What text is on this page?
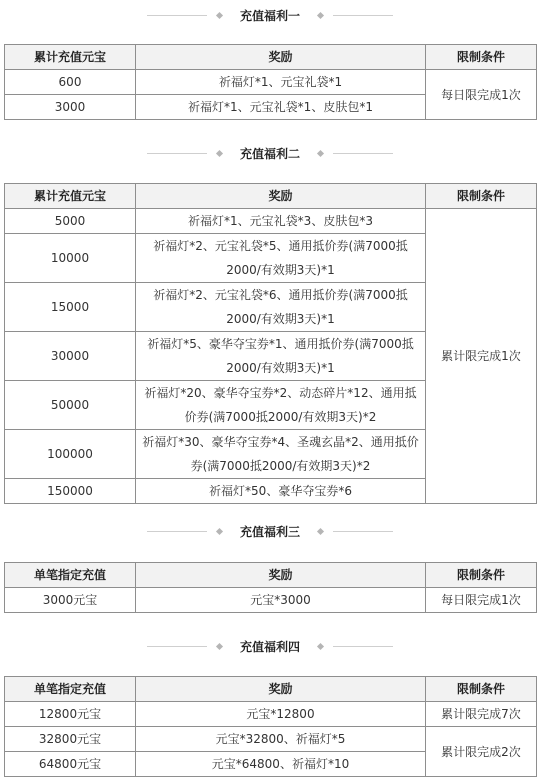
充值福利一
累计充值元宝	奖励	限制条件
600	祈福灯*1、元宝礼袋*1	每日限完成1次
3000	祈福灯*1、元宝礼袋*1、皮肤包*1	
充值福利二
累计充值元宝	奖励	限制条件
5000	祈福灯*1、元宝礼袋*3、皮肤包*3	累计限完成1次
10000	祈福灯*2、元宝礼袋*5、通用抵价券(满7000抵
2000/有效期3天)*1	

15000	祈福灯*2、元宝礼袋*6、通用抵价券(满7000抵
2000/有效期3天)*1	

30000	祈福灯*5、豪华夺宝券*1、通用抵价券(满7000抵
2000/有效期3天)*1	

50000	祈福灯*20、豪华夺宝券*2、动态碎片*12、通用抵
价券(满7000抵2000/有效期3天)*2	

100000	祈福灯*30、豪华夺宝券*4、圣魂玄晶*2、通用抵价
券(满7000抵2000/有效期3天)*2	

150000	祈福灯*50、豪华夺宝券*6	
充值福利三
单笔指定充值	奖励	限制条件
3000元宝	元宝*3000	每日限完成1次
充值福利四
单笔指定充值	奖励	限制条件
12800元宝	元宝*12800	累计限完成7次
32800元宝	元宝*32800、祈福灯*5	累计限完成2次
64800元宝	元宝*64800、祈福灯*10	
